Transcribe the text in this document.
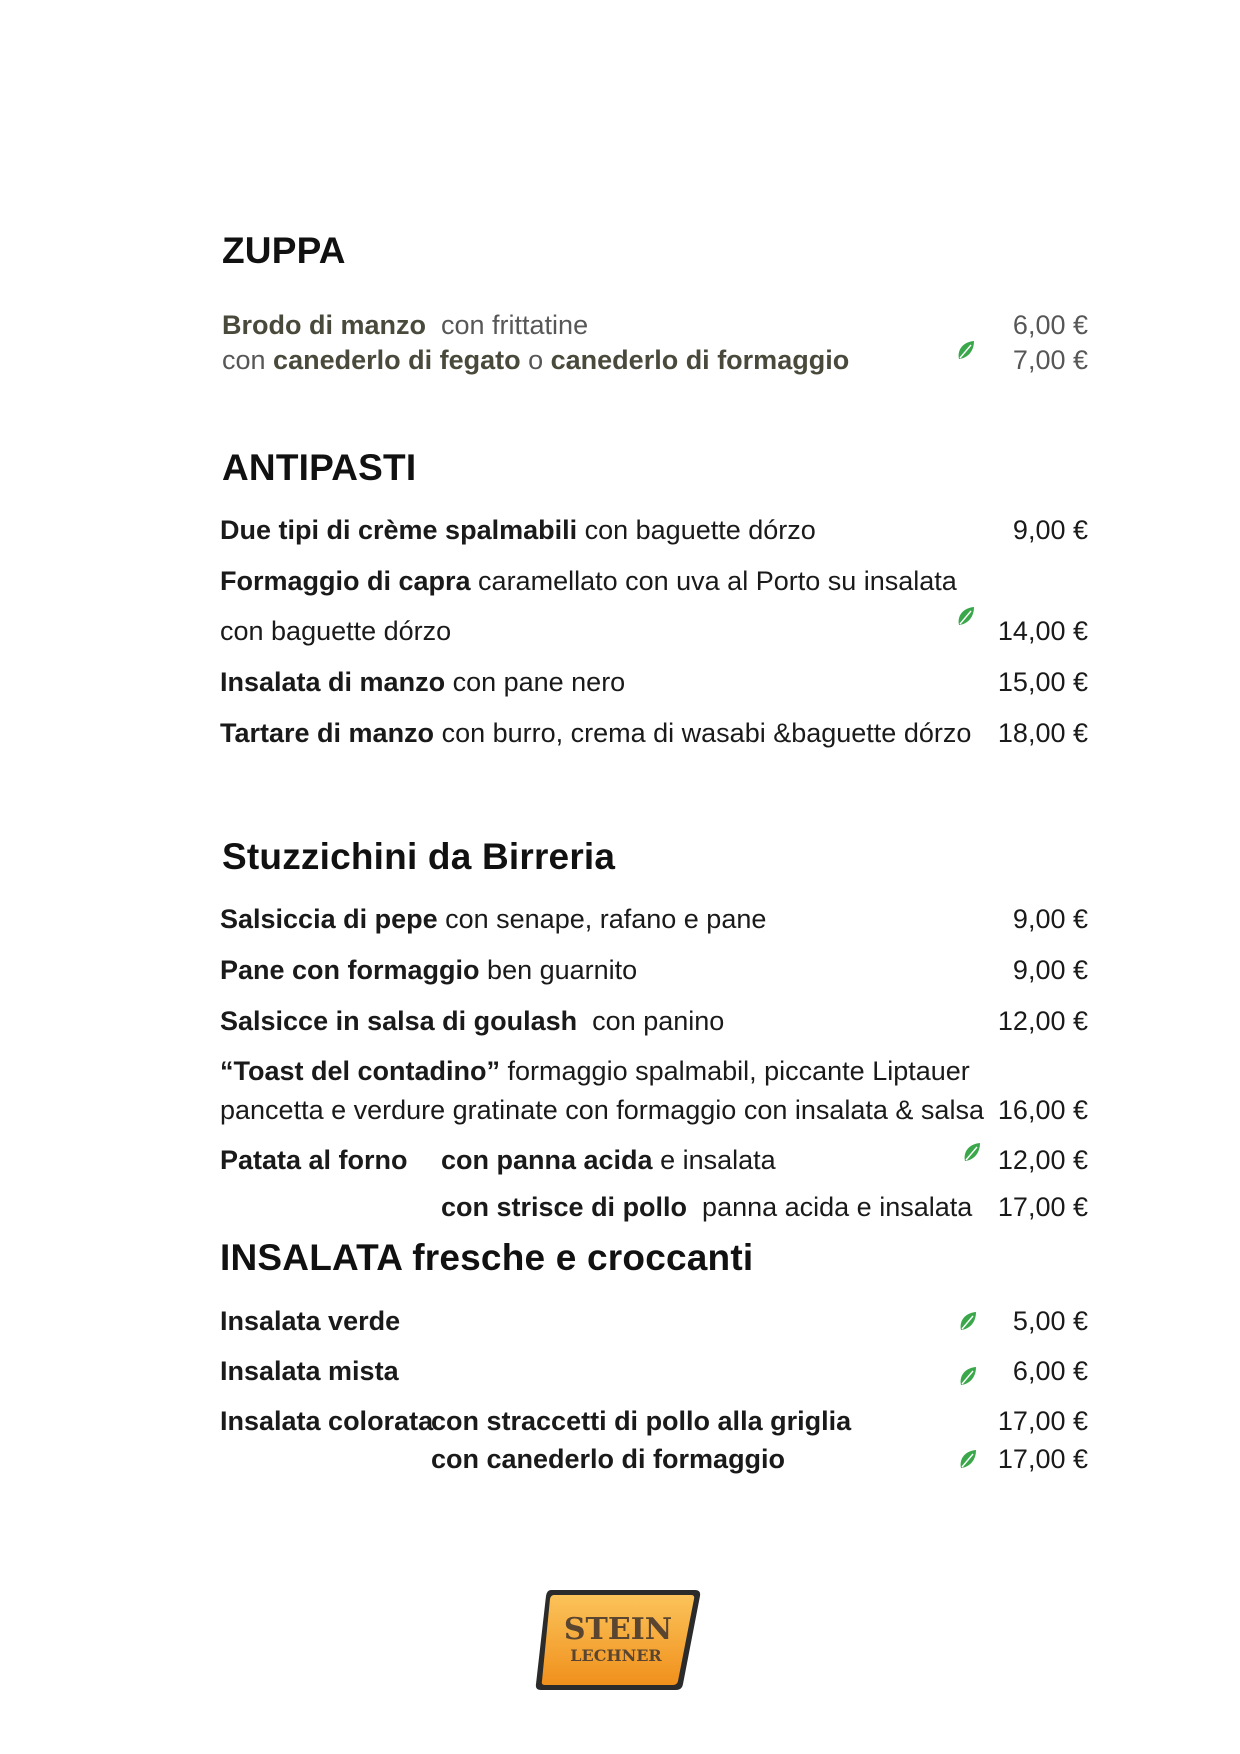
ZUPPA
Brodo di manzo con frittatine	6,00 €
con canederlo di fegato o canederlo di formaggio	7,00 €
ANTIPASTI
Due tipi di crème spalmabili con baguette dórzo	9,00 €
Formaggio di capra caramellato con uva al Porto su insalata
con baguette dórzo	14,00 €
Insalata di manzo con pane nero	15,00 €
Tartare di manzo con burro, crema di wasabi &baguette dórzo 18,00 €
Stuzzichini da Birreria
Salsiccia di pepe con senape, rafano e pane	9,00 €
Pane con formaggio ben guarnito	9,00 €
Salsicce in salsa di goulash  con panino	12,00 €
“Toast del contadino” formaggio spalmabil, piccante Liptauer
pancetta e verdure gratinate con formaggio con insalata & salsa 16,00 €
Patata al forno con panna acida e insalata	12,00 €
con strisce di pollo  panna acida e insalata 17,00 €
INSALATA fresche e croccanti
Insalata verde	5,00 €
Insalata mista	6,00 €
Insalata colorata
con straccetti di pollo alla griglia	17,00 €
con canederlo di formaggio	17,00 €
STEIN
LECHNER
